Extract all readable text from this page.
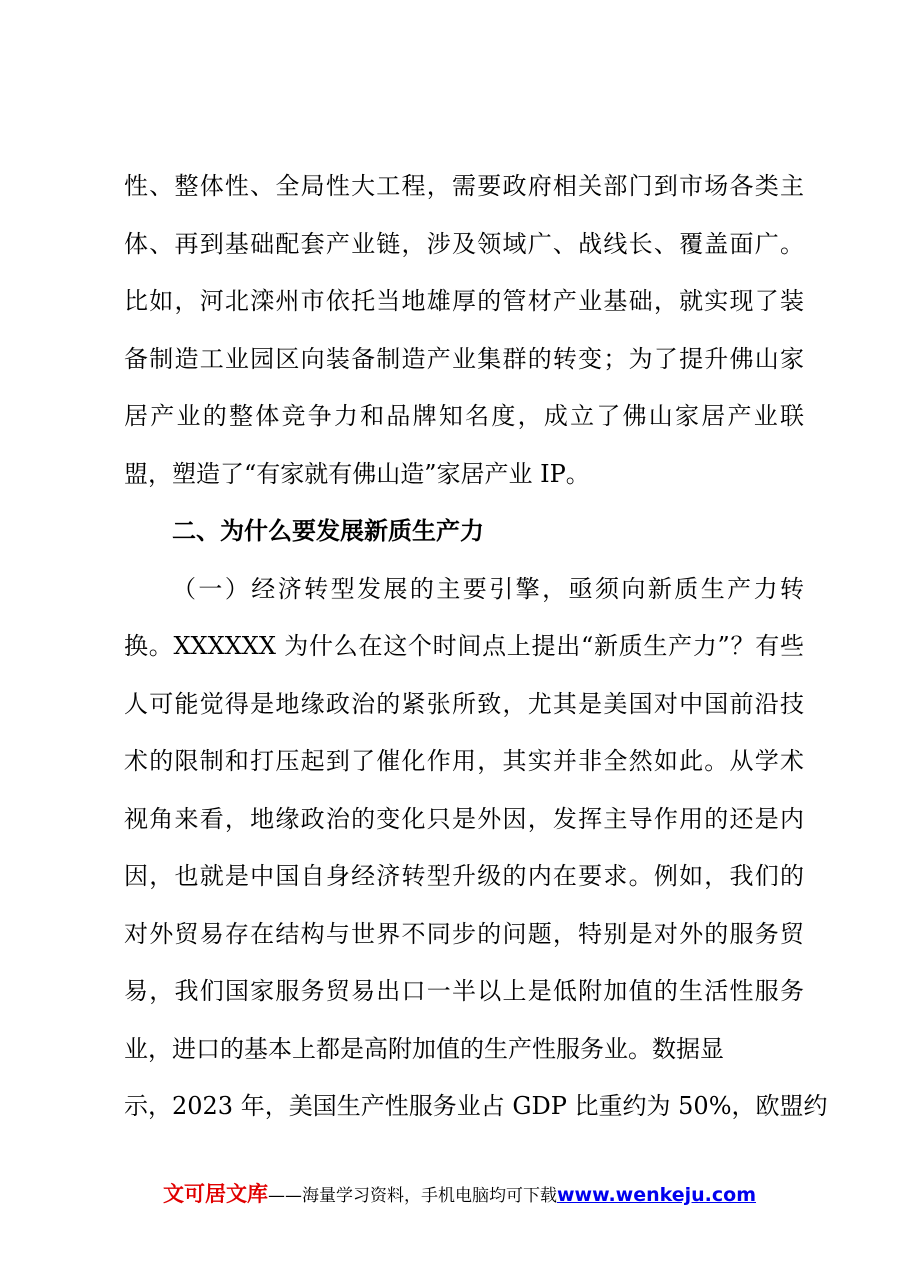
性、整体性、全局性大工程，需要政府相关部门到市场各类主
体、再到基础配套产业链，涉及领域广、战线长、覆盖面广。
比如，河北滦州市依托当地雄厚的管材产业基础，就实现了装
备制造工业园区向装备制造产业集群的转变；为了提升佛山家
居产业的整体竞争力和品牌知名度，成立了佛山家居产业联
盟，塑造了“有家就有佛山造”家居产业 IP。
二、为什么要发展新质生产力
（一）经济转型发展的主要引擎，亟须向新质生产力转
换。XXXXXX 为什么在这个时间点上提出“新质生产力”？有些
人可能觉得是地缘政治的紧张所致，尤其是美国对中国前沿技
术的限制和打压起到了催化作用，其实并非全然如此。从学术
视角来看，地缘政治的变化只是外因，发挥主导作用的还是内
因，也就是中国自身经济转型升级的内在要求。例如，我们的
对外贸易存在结构与世界不同步的问题，特别是对外的服务贸
易，我们国家服务贸易出口一半以上是低附加值的生活性服务
业，进口的基本上都是高附加值的生产性服务业。数据显
示，2023 年，美国生产性服务业占 GDP 比重约为 50%，欧盟约
文可居文库——海量学习资料，手机电脑均可下载www.wenkeju.com
